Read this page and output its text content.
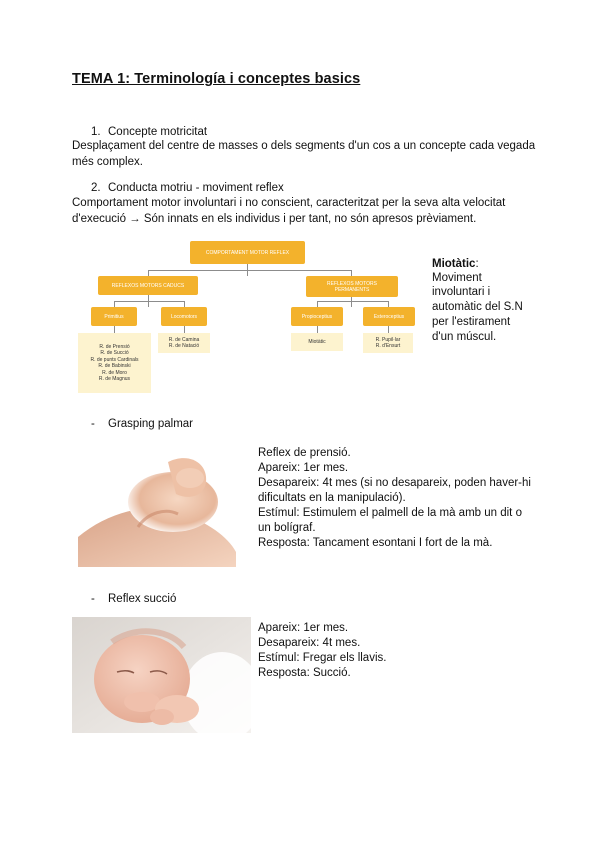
TEMA 1: Terminología i conceptes basics
1. Concepte motricitat
Desplaçament del centre de masses o dels segments d'un cos a un concepte cada vegada
més complex.
2. Conducta motriu - moviment reflex
Comportament motor involuntari i no conscient, caracteritzat per la seva alta velocitat
d'execució → Són innats en els individus i per tant, no són apresos prèviament.
COMPORTAMENT MOTOR REFLEX
REFLEXOS MOTORS CADUCS	REFLEXOS MOTORS
PERMANENTS
Primitius	Locomotors	Propioceptius	Esteroceptius
R. de Prensió
R. de Succió
R. de punts Cardinals
R. de Babinski
R. de Moro
R. de Magnus
R. de Camina
R. de Natació
Miotàtic	R. Pupil·lar
R. d'Ensurt
Miotàtic:
Moviment
involuntari i
automàtic del S.N
per l'estirament
d'un múscul.
- Grasping palmar
Reflex de prensió.
Apareix: 1er mes.
Desapareix: 4t mes (si no desapareix, poden haver-hi
dificultats en la manipulació).
Estímul: Estimulem el palmell de la mà amb un dit o
un bolígraf.
Resposta: Tancament esontani I fort de la mà.
- Reflex succió
Apareix: 1er mes.
Desapareix: 4t mes.
Estímul: Fregar els llavis.
Resposta: Succió.
